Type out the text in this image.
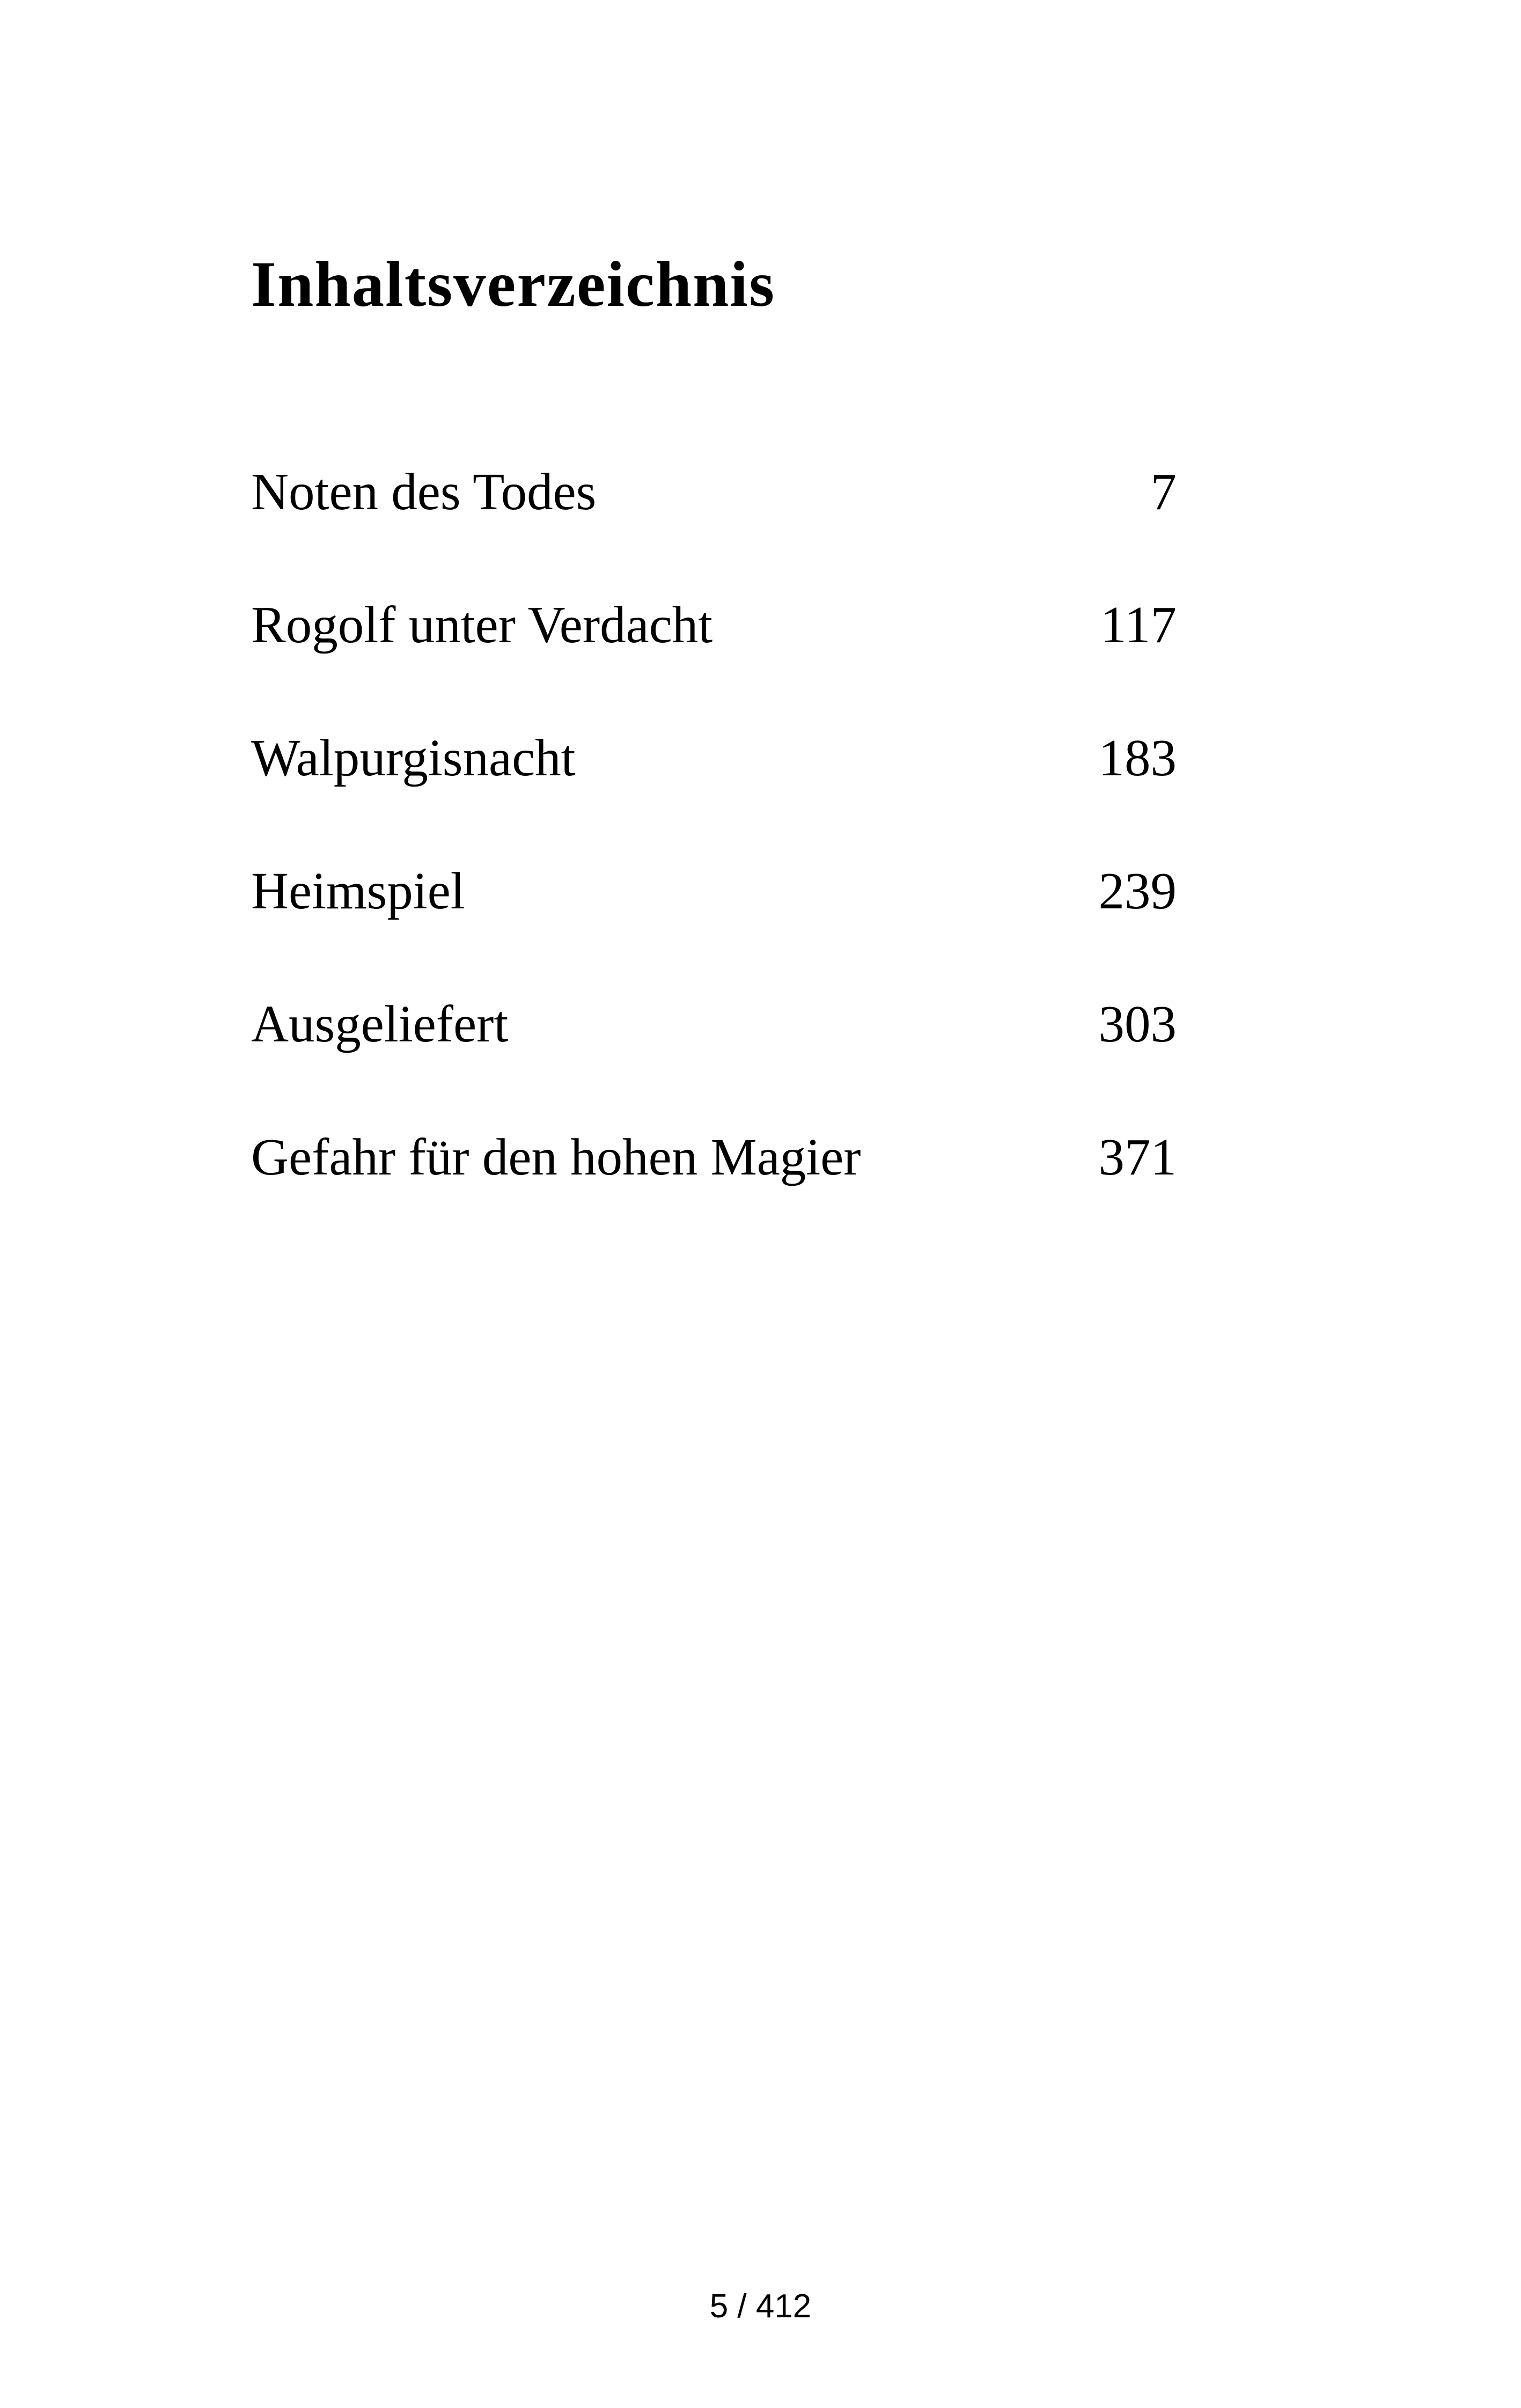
Inhaltsverzeichnis
Noten des Todes	7
Rogolf unter Verdacht	117
Walpurgisnacht	183
Heimspiel	239
Ausgeliefert	303
Gefahr für den hohen Magier	371
5 / 412
